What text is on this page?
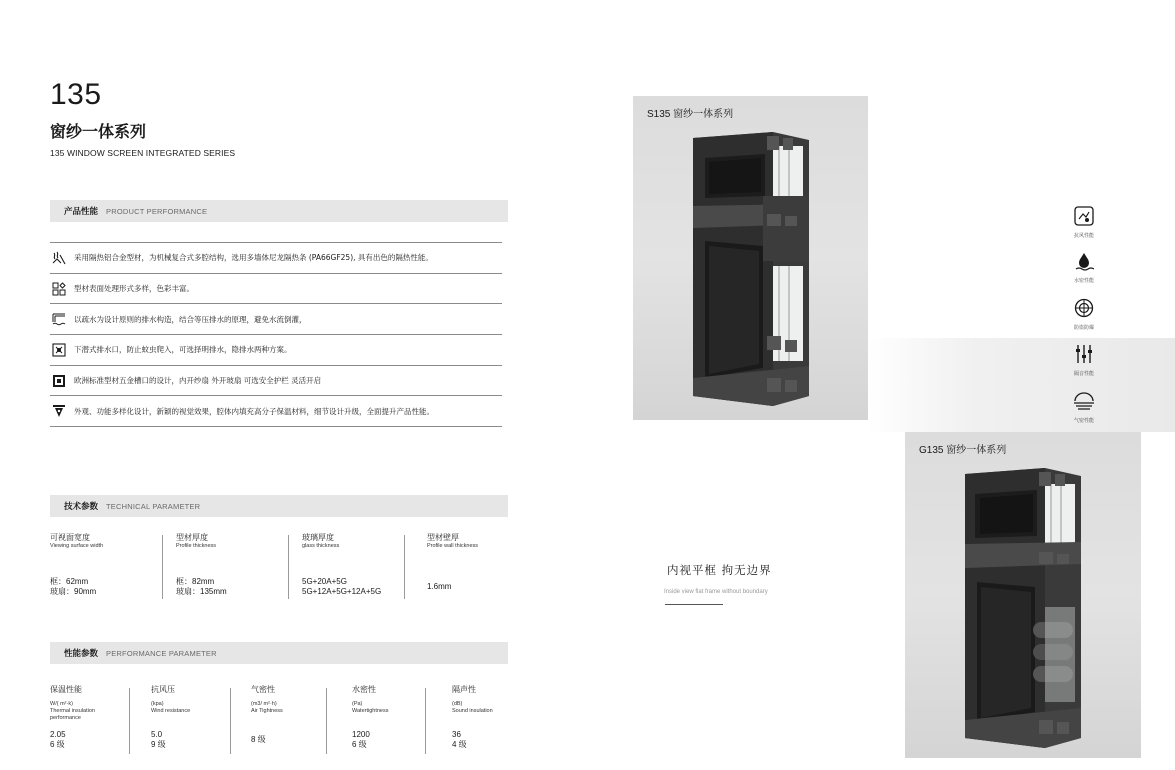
135
窗纱一体系列
135 WINDOW SCREEN INTEGRATED SERIES
产品性能 PRODUCT PERFORMANCE
采用隔热铝合金型材，为机械复合式多腔结构，选用多墙体尼龙隔热条 (PA66GF25), 具有出色的隔热性能。
型材表面处理形式多样，色彩丰富。
以疏水为设计原则的排水构造，结合等压排水的原理，避免水流倒灌，
下潜式排水口，防止蚊虫爬入，可选择明排水，隐排水两种方案。
欧洲标准型材五金槽口的设计，内开纱扇 外开玻扇 可选安全护栏 灵活开启
外观、功能多样化设计，新颖的视觉效果，腔体内填充高分子保温材料，细节设计升级，全面提升产品性能。
技术参数 TECHNICAL PARAMETER
可视面宽度
Viewing surface width
框：62mm
玻扇：90mm
型材厚度
Profile thickness
框：82mm
玻扇：135mm
玻璃厚度
glass thickness
5G+20A+5G
5G+12A+5G+12A+5G
型材壁厚
Profile wall thickness
1.6mm
性能参数 PERFORMANCE PARAMETER
保温性能
W/( m²·k)
Thermal insulation performance
2.05
6 级
抗风压
(kpa)
Wind resistance
5.0
9 级
气密性
(m3/ m²·h)
Air Tightness
8 级
水密性
(Pa)
Watertightness
1200
6 级
隔声性
(dB)
Sound insulation
36
4 级
S135 窗纱一体系列
抗风性能
水密性能
防盗防爆
隔音性能
气密性能
内视平框 拘无边界
Inside view flat frame without boundary
G135 窗纱一体系列
